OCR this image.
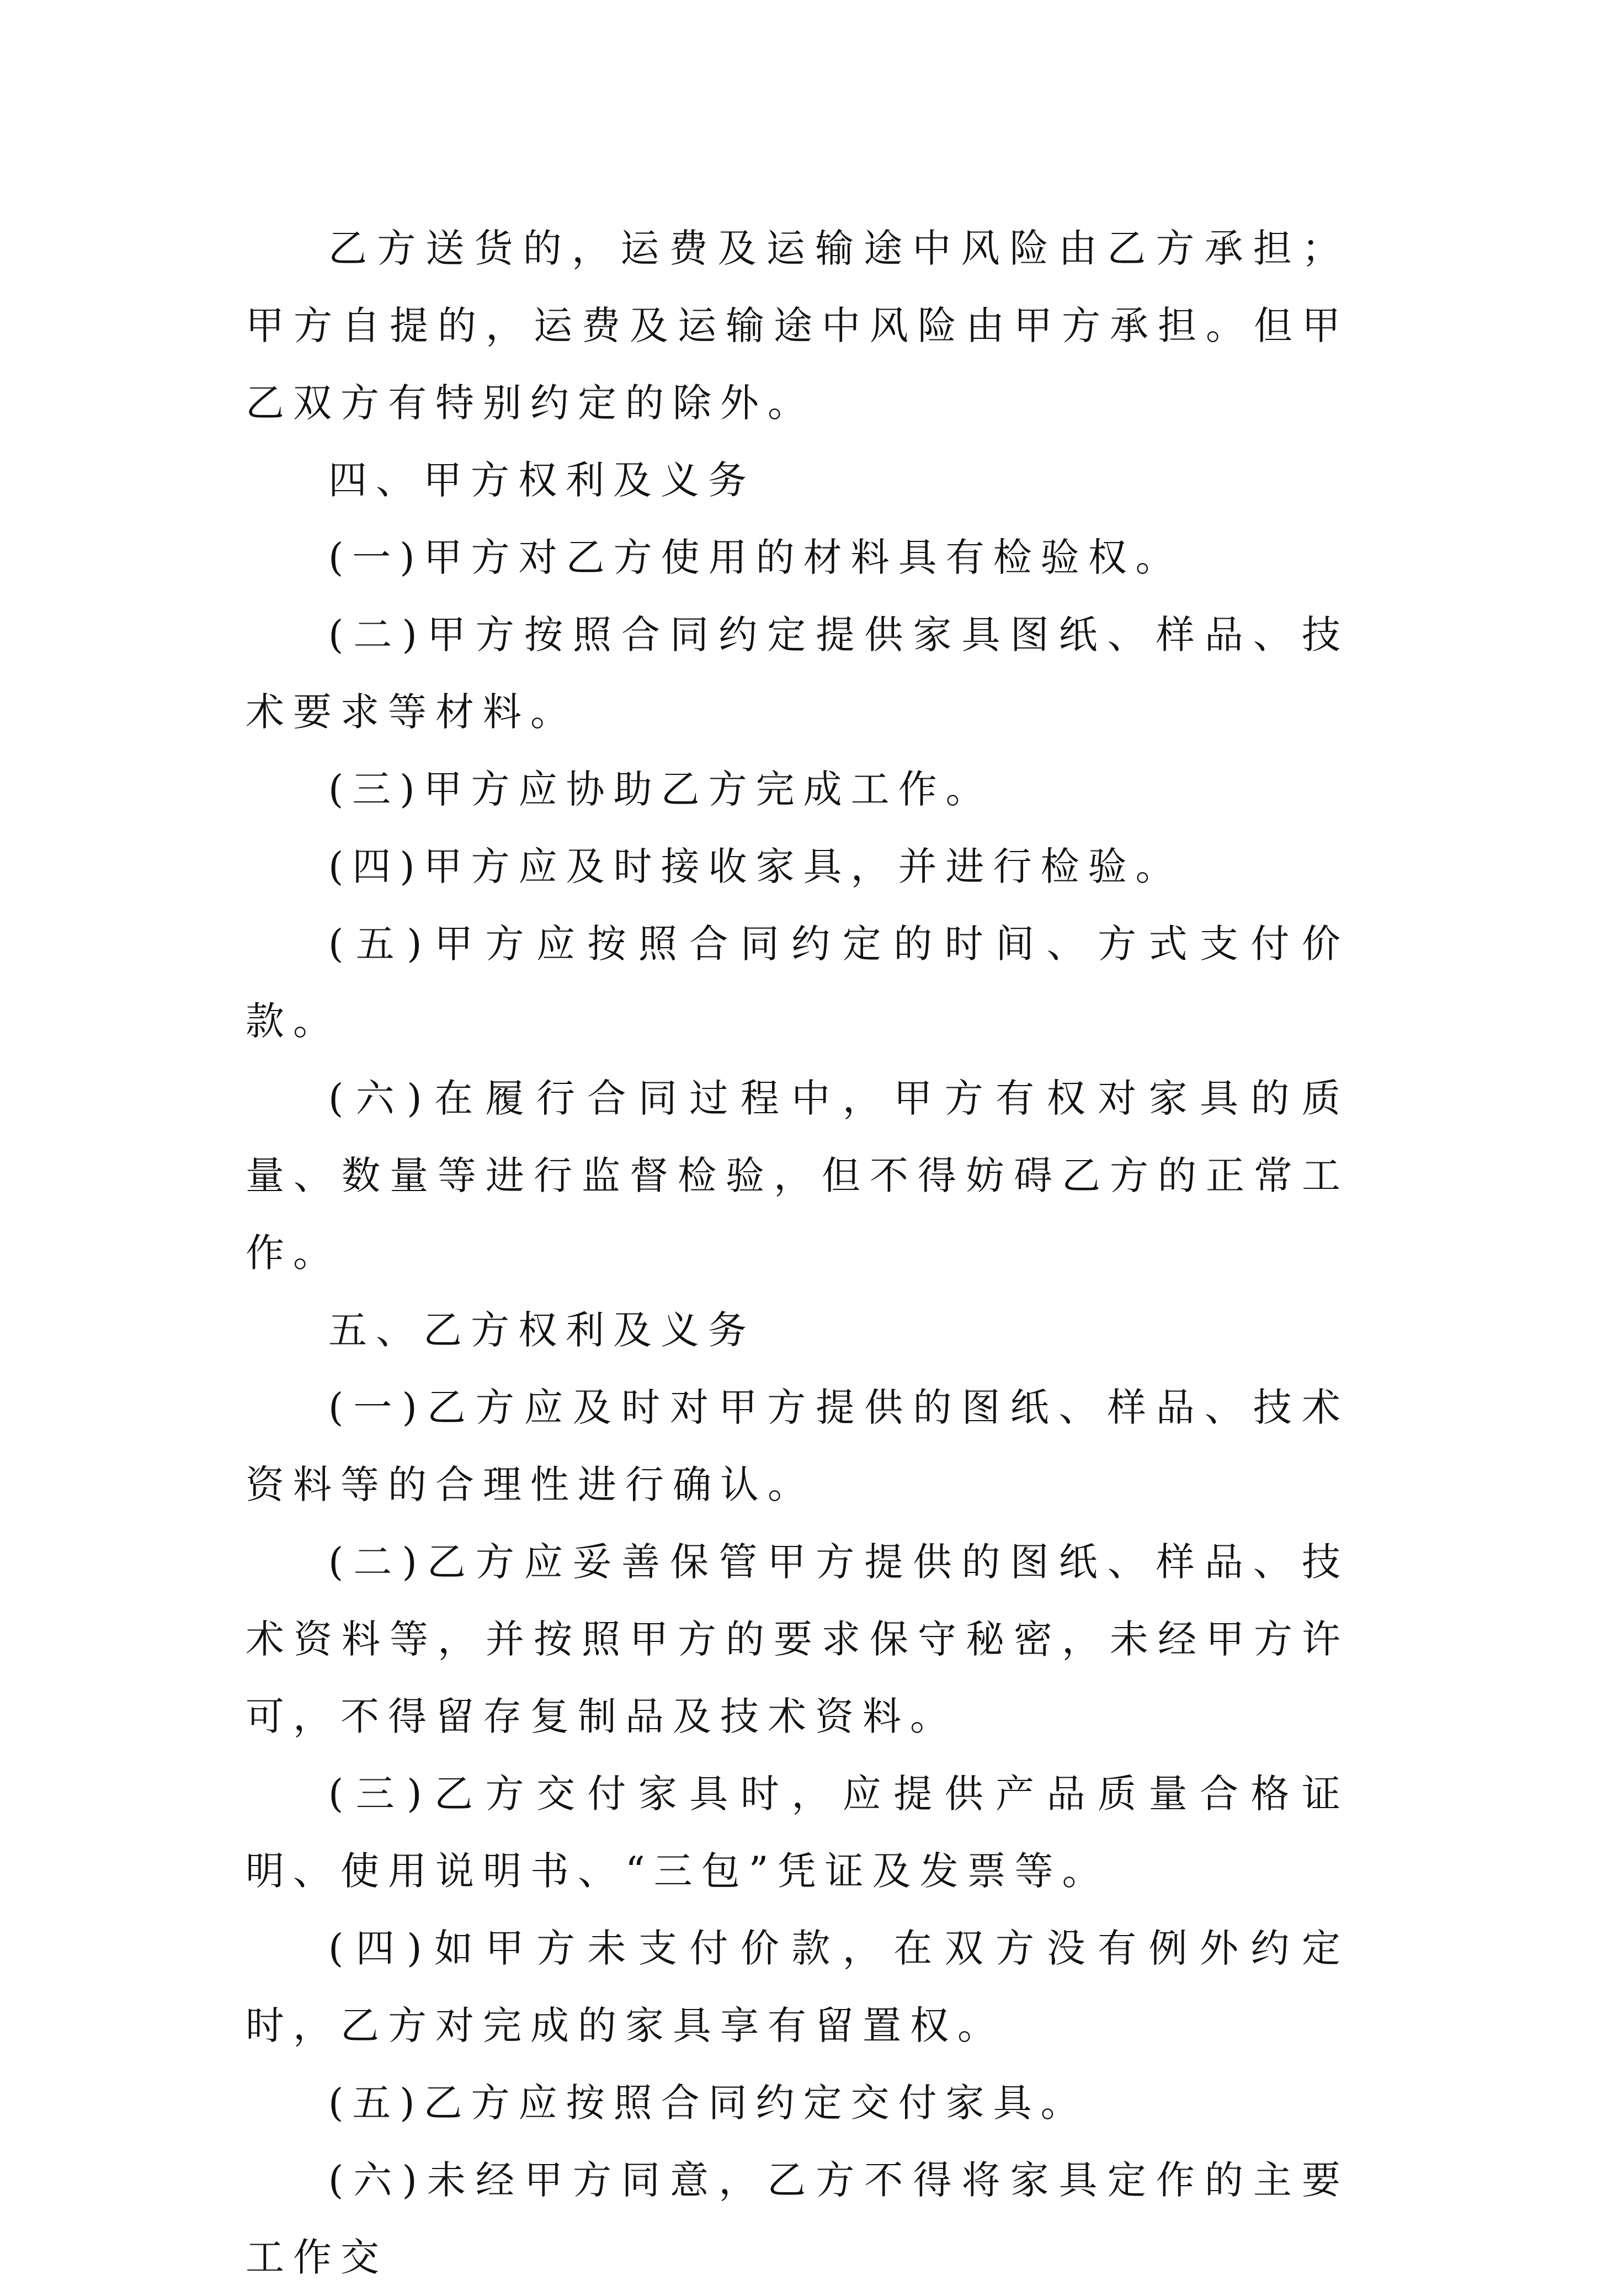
乙方送货的，运费及运输途中风险由乙方承担；甲方自提的，运费及运输途中风险由甲方承担。但甲乙双方有特别约定的除外。

四、甲方权利及义务

(一)甲方对乙方使用的材料具有检验权。

(二)甲方按照合同约定提供家具图纸、样品、技术要求等材料。

(三)甲方应协助乙方完成工作。

(四)甲方应及时接收家具，并进行检验。

(五)甲方应按照合同约定的时间、方式支付价款。

(六)在履行合同过程中，甲方有权对家具的质量、数量等进行监督检验，但不得妨碍乙方的正常工作。

五、乙方权利及义务

(一)乙方应及时对甲方提供的图纸、样品、技术资料等的合理性进行确认。

(二)乙方应妥善保管甲方提供的图纸、样品、技术资料等，并按照甲方的要求保守秘密，未经甲方许可，不得留存复制品及技术资料。

(三)乙方交付家具时，应提供产品质量合格证明、使用说明书、“三包”凭证及发票等。

(四)如甲方未支付价款，在双方没有例外约定时，乙方对完成的家具享有留置权。

(五)乙方应按照合同约定交付家具。

(六)未经甲方同意，乙方不得将家具定作的主要工作交
